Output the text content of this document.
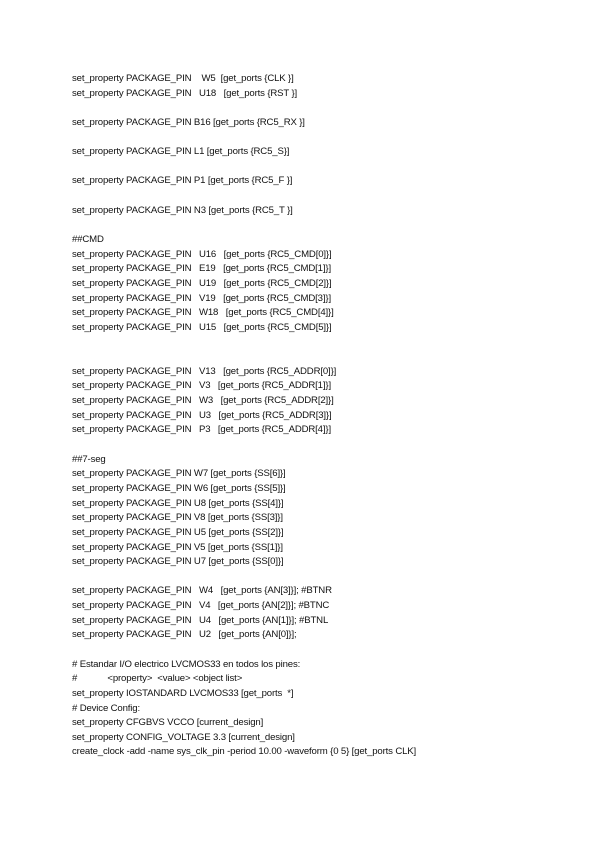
set_property PACKAGE_PIN    W5  [get_ports {CLK }]
set_property PACKAGE_PIN   U18   [get_ports {RST }]
set_property PACKAGE_PIN B16 [get_ports {RC5_RX }]
set_property PACKAGE_PIN L1 [get_ports {RC5_S}]
set_property PACKAGE_PIN P1 [get_ports {RC5_F }]
set_property PACKAGE_PIN N3 [get_ports {RC5_T }]
##CMD
set_property PACKAGE_PIN   U16   [get_ports {RC5_CMD[0]}]
set_property PACKAGE_PIN   E19   [get_ports {RC5_CMD[1]}]
set_property PACKAGE_PIN   U19   [get_ports {RC5_CMD[2]}]
set_property PACKAGE_PIN   V19   [get_ports {RC5_CMD[3]}]
set_property PACKAGE_PIN   W18   [get_ports {RC5_CMD[4]}]
set_property PACKAGE_PIN   U15   [get_ports {RC5_CMD[5]}]
set_property PACKAGE_PIN   V13   [get_ports {RC5_ADDR[0]}]
set_property PACKAGE_PIN   V3   [get_ports {RC5_ADDR[1]}]
set_property PACKAGE_PIN   W3   [get_ports {RC5_ADDR[2]}]
set_property PACKAGE_PIN   U3   [get_ports {RC5_ADDR[3]}]
set_property PACKAGE_PIN   P3   [get_ports {RC5_ADDR[4]}]
##7-seg
set_property PACKAGE_PIN W7 [get_ports {SS[6]}]
set_property PACKAGE_PIN W6 [get_ports {SS[5]}]
set_property PACKAGE_PIN U8 [get_ports {SS[4]}]
set_property PACKAGE_PIN V8 [get_ports {SS[3]}]
set_property PACKAGE_PIN U5 [get_ports {SS[2]}]
set_property PACKAGE_PIN V5 [get_ports {SS[1]}]
set_property PACKAGE_PIN U7 [get_ports {SS[0]}]
set_property PACKAGE_PIN   W4   [get_ports {AN[3]}]; #BTNR
set_property PACKAGE_PIN   V4   [get_ports {AN[2]}]; #BTNC
set_property PACKAGE_PIN   U4   [get_ports {AN[1]}]; #BTNL
set_property PACKAGE_PIN   U2   [get_ports {AN[0]}];
# Estandar I/O electrico LVCMOS33 en todos los pines:
#            <property>  <value> <object list>
set_property IOSTANDARD LVCMOS33 [get_ports  *]
# Device Config:
set_property CFGBVS VCCO [current_design]
set_property CONFIG_VOLTAGE 3.3 [current_design]
create_clock -add -name sys_clk_pin -period 10.00 -waveform {0 5} [get_ports CLK]
